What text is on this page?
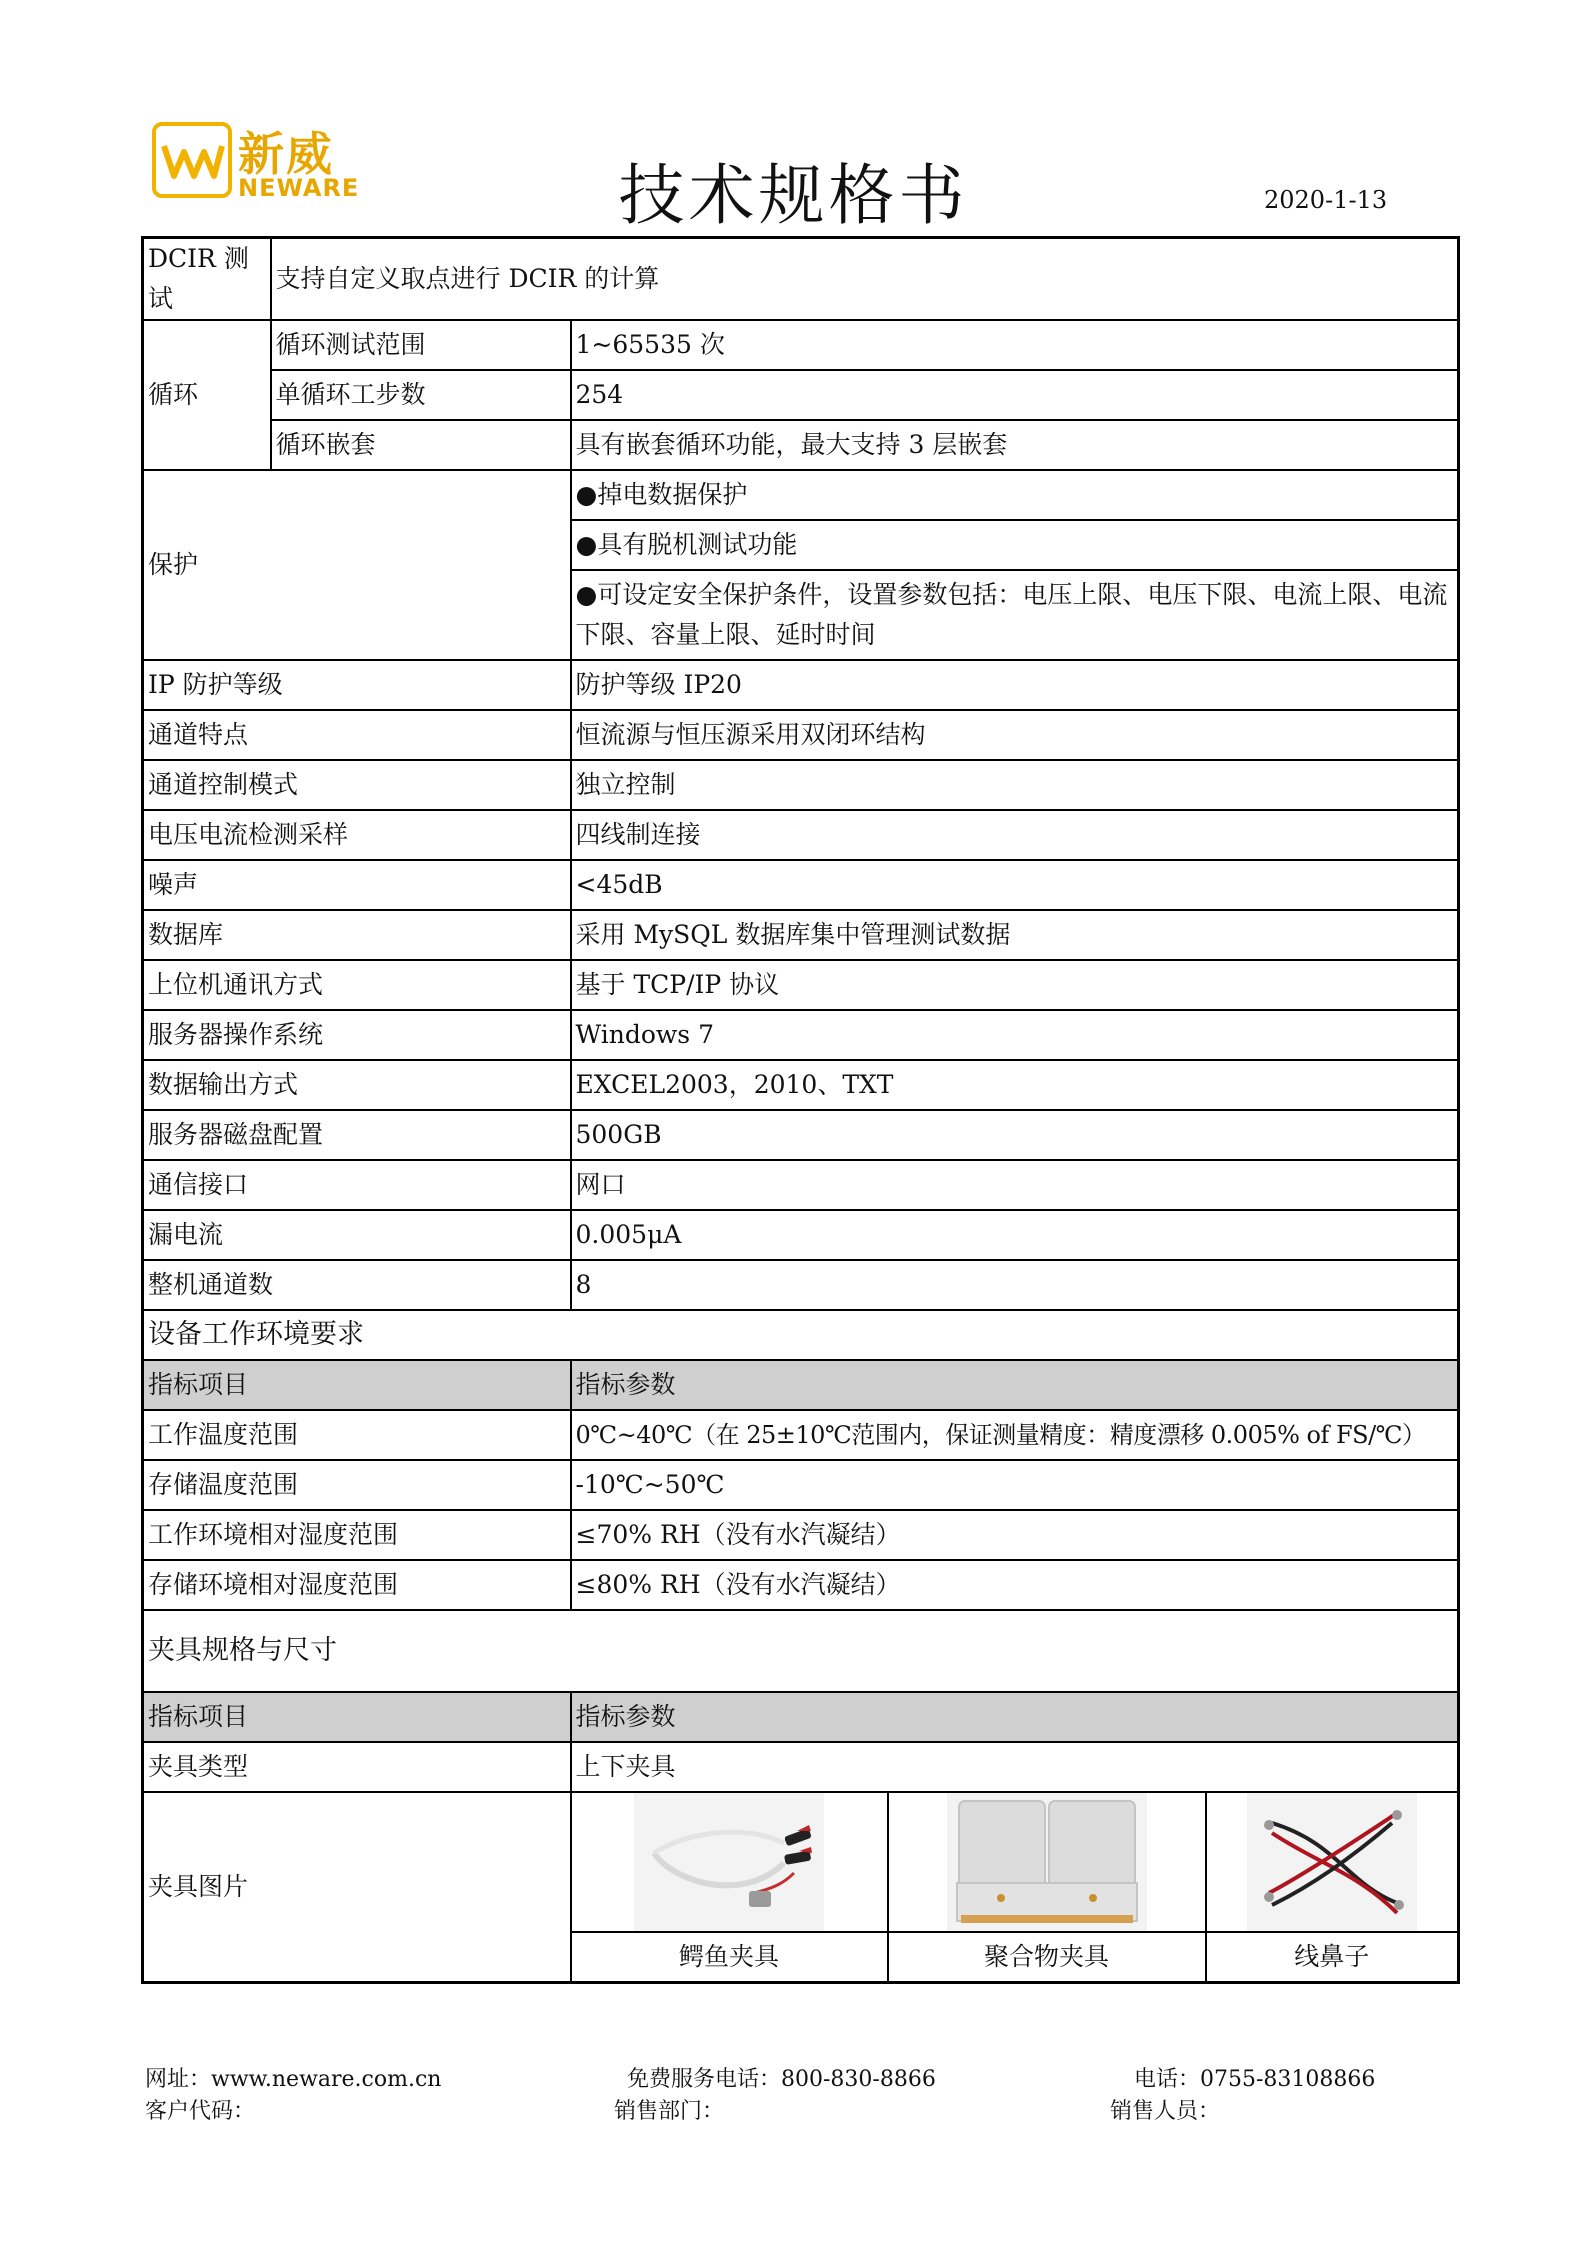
新威
NEWARE	技术规格书	2020-1-13
DCIR 测试	支持自定义取点进行 DCIR 的计算			
循环	循环测试范围	1~65535 次		
	单循环工步数	254		
	循环嵌套	具有嵌套循环功能，最大支持 3 层嵌套		
保护		●掉电数据保护		
		●具有脱机测试功能		
		●可设定安全保护条件，设置参数包括：电压上限、电压下限、电流上限、电流下限、容量上限、延时时间		
IP 防护等级		防护等级 IP20		
通道特点		恒流源与恒压源采用双闭环结构		
通道控制模式		独立控制		
电压电流检测采样		四线制连接		
噪声		<45dB		
数据库		采用 MySQL 数据库集中管理测试数据		
上位机通讯方式		基于 TCP/IP 协议		
服务器操作系统		Windows 7		
数据输出方式		EXCEL2003，2010、TXT		
服务器磁盘配置		500GB		
通信接口		网口		
漏电流		0.005μA		
整机通道数		8		
设备工作环境要求				
指标项目		指标参数		
工作温度范围		0℃~40℃（在 25±10℃范围内，保证测量精度：精度漂移 0.005% of FS/℃）		
存储温度范围		-10℃~50℃		
工作环境相对湿度范围		≤70% RH（没有水汽凝结）		
存储环境相对湿度范围		≤80% RH（没有水汽凝结）		
夹具规格与尺寸				
指标项目		指标参数		
夹具类型		上下夹具		
夹具图片			
		鳄鱼夹具	聚合物夹具	线鼻子
网址：www.neware.com.cn	免费服务电话：800-830-8866	电话：0755-83108866
客户代码：	销售部门：	销售人员：
